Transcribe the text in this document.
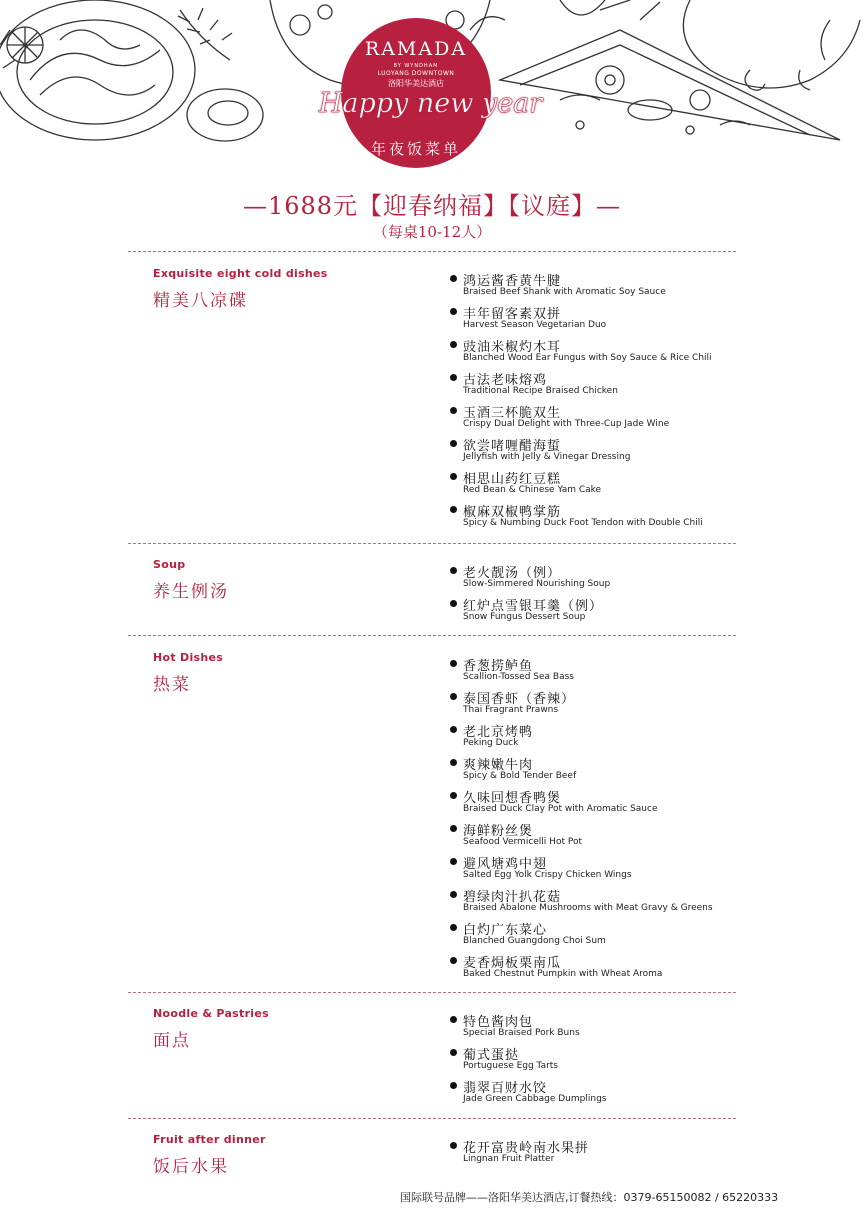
RAMADA
BY WYNDHAM
LUOYANG DOWNTOWN
洛阳华美达酒店
年夜饭菜单
Happy new year
—1688元【迎春纳福】【议庭】—
（每桌10-12人）
Exquisite eight cold dishes
精美八凉碟
鸿运酱香黄牛腱
Braised Beef Shank with Aromatic Soy Sauce
丰年留客素双拼
Harvest Season Vegetarian Duo
豉油米椒灼木耳
Blanched Wood Ear Fungus with Soy Sauce & Rice Chili
古法老味熔鸡
Traditional Recipe Braised Chicken
玉酒三杯脆双生
Crispy Dual Delight with Three-Cup Jade Wine
欲尝啫喱醋海蜇
Jellyfish with Jelly & Vinegar Dressing
相思山药红豆糕
Red Bean & Chinese Yam Cake
椒麻双椒鸭掌筋
Spicy & Numbing Duck Foot Tendon with Double Chili
Soup
养生例汤
老火靓汤（例）
Slow-Simmered Nourishing Soup
红炉点雪银耳羹（例）
Snow Fungus Dessert Soup
Hot Dishes
热菜
香葱捞鲈鱼
Scallion-Tossed Sea Bass
泰国香虾（香辣）
Thai Fragrant Prawns
老北京烤鸭
Peking Duck
爽辣嫩牛肉
Spicy & Bold Tender Beef
久味回想香鸭煲
Braised Duck Clay Pot with Aromatic Sauce
海鲜粉丝煲
Seafood Vermicelli Hot Pot
避风塘鸡中翅
Salted Egg Yolk Crispy Chicken Wings
碧绿肉汁扒花菇
Braised Abalone Mushrooms with Meat Gravy & Greens
白灼广东菜心
Blanched Guangdong Choi Sum
麦香焗板栗南瓜
Baked Chestnut Pumpkin with Wheat Aroma
Noodle & Pastries
面点
特色酱肉包
Special Braised Pork Buns
葡式蛋挞
Portuguese Egg Tarts
翡翠百财水饺
Jade Green Cabbage Dumplings
Fruit after dinner
饭后水果
花开富贵岭南水果拼
Lingnan Fruit Platter
国际联号品牌——洛阳华美达酒店,订餐热线：0379-65150082 / 65220333
